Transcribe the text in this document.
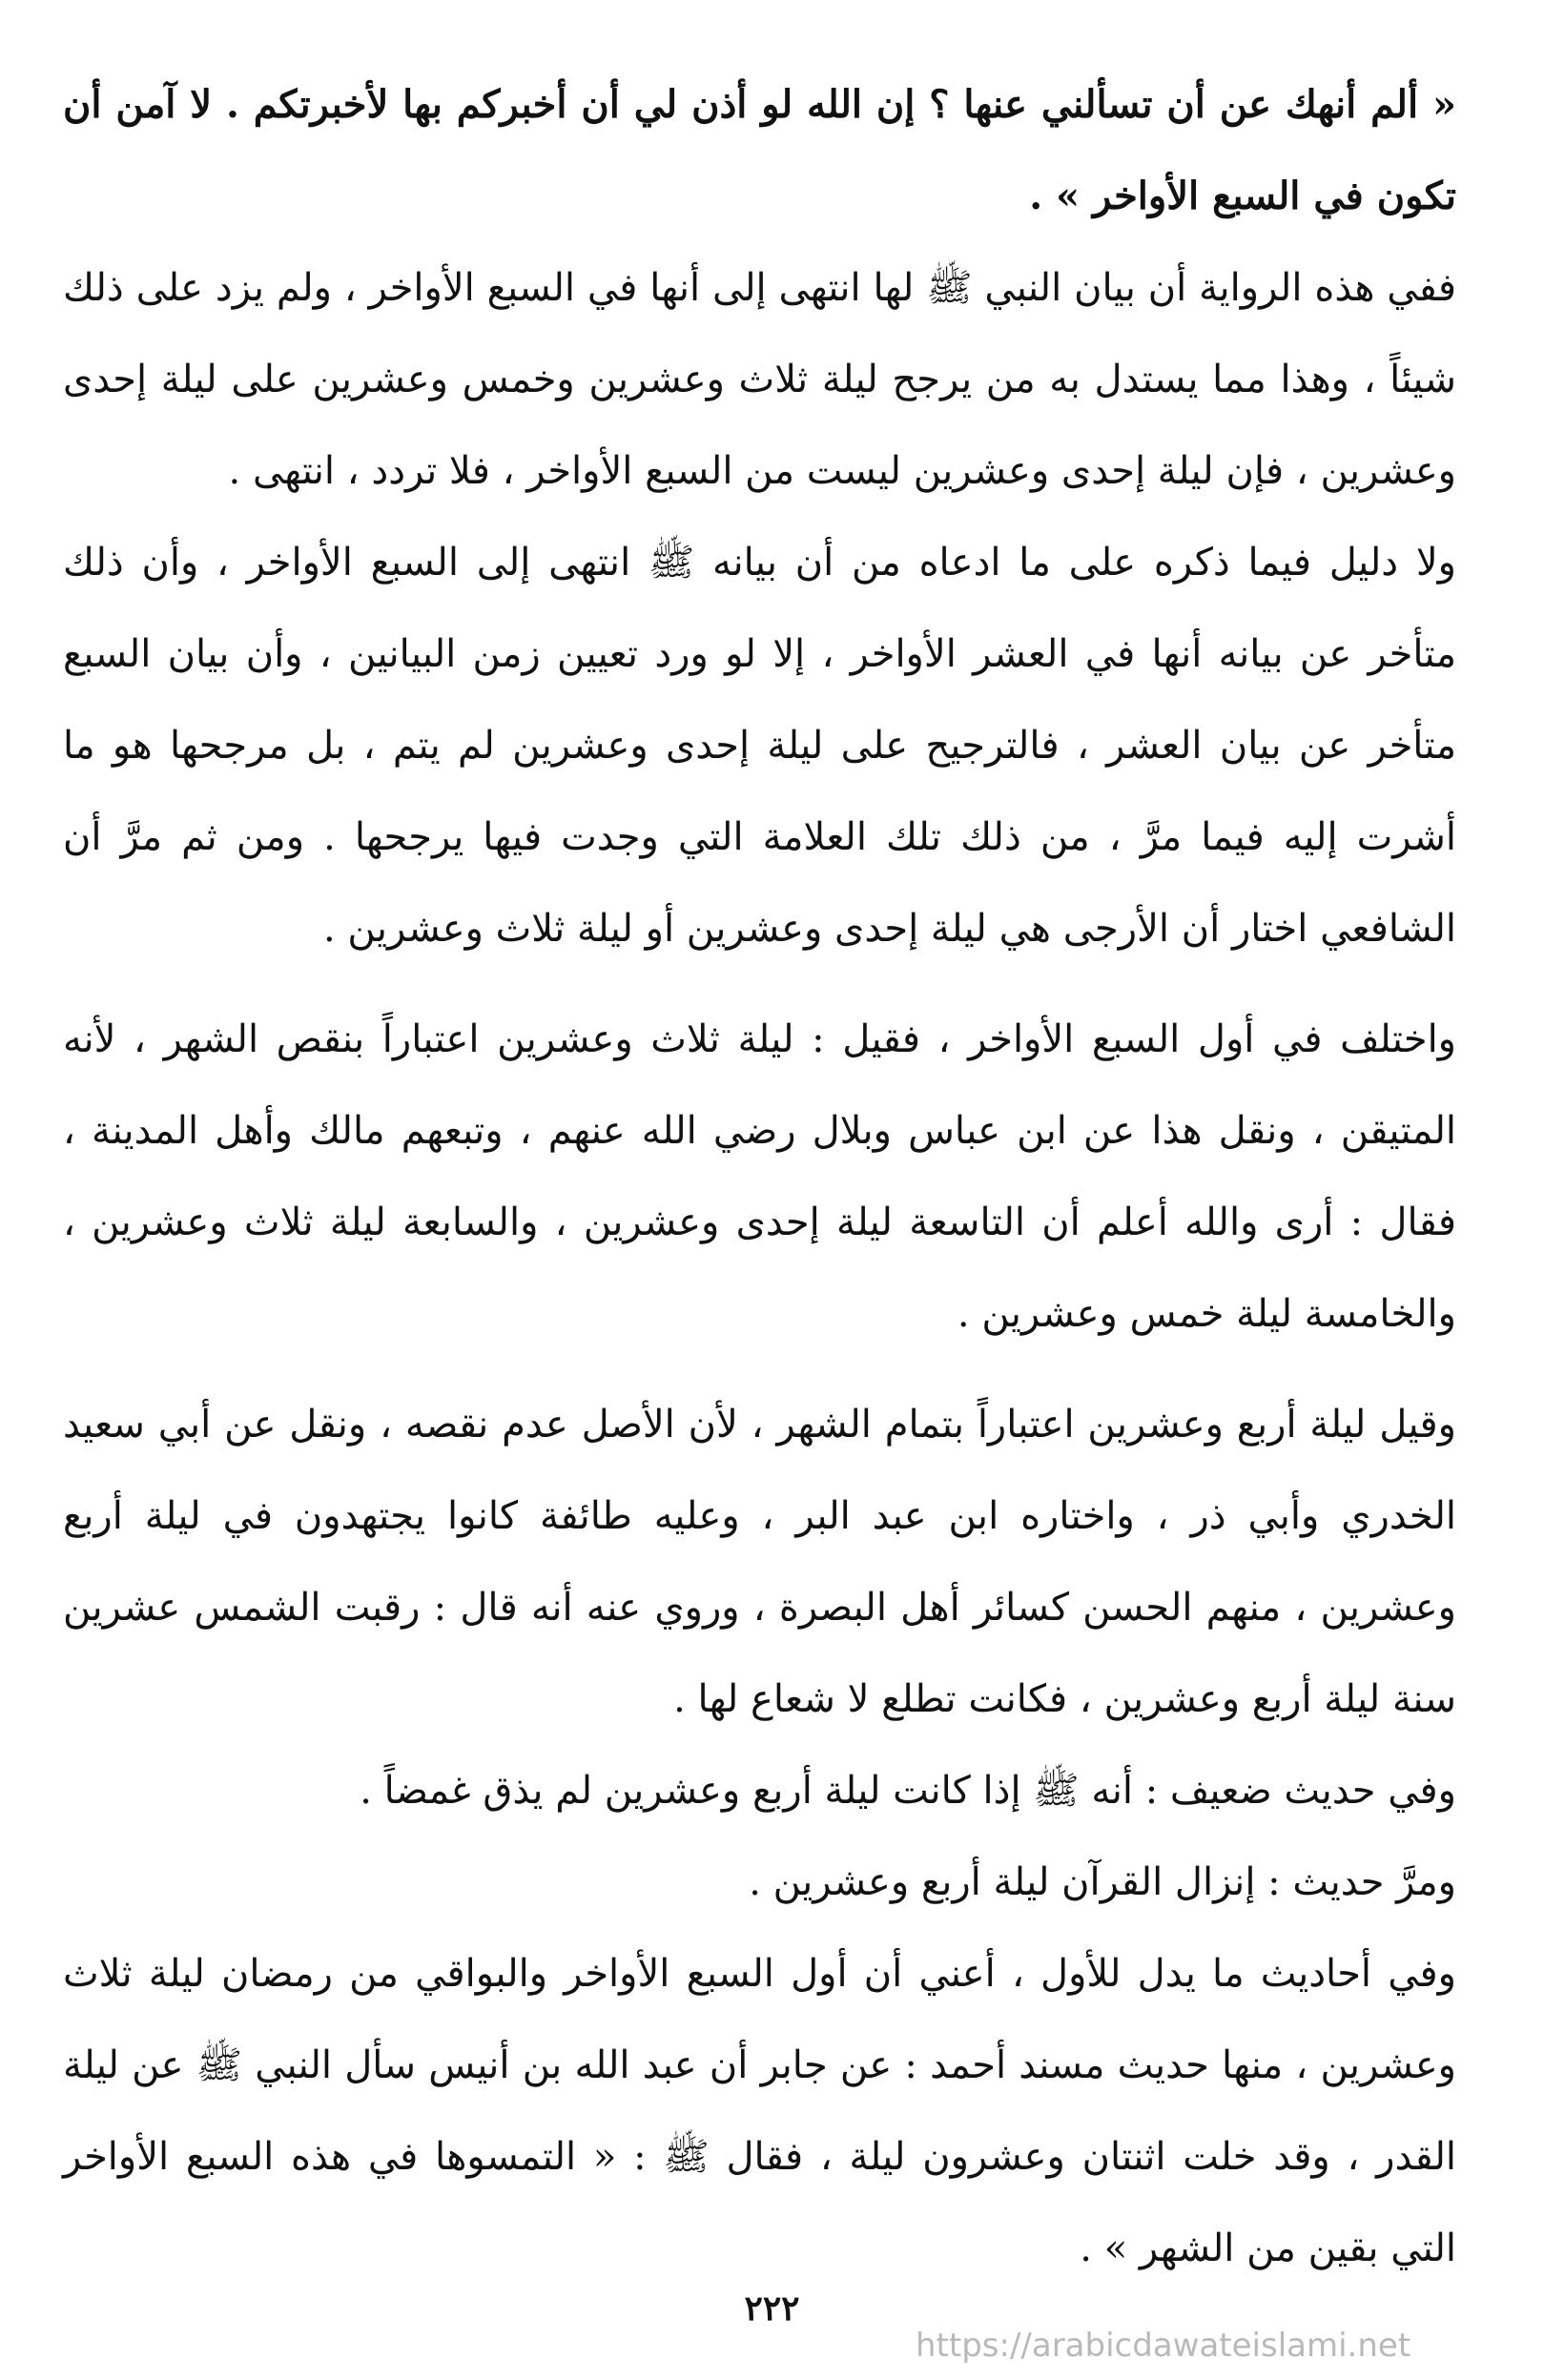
« ألم أنهك عن أن تسألني عنها ؟ إن الله لو أذن لي أن أخبركم بها لأخبرتكم . لا آمن أن تكون في السبع الأواخر » .

ففي هذه الرواية أن بيان النبي ﷺ لها انتهى إلى أنها في السبع الأواخر ، ولم يزد على ذلك شيئاً ، وهذا مما يستدل به من يرجح ليلة ثلاث وعشرين وخمس وعشرين على ليلة إحدى وعشرين ، فإن ليلة إحدى وعشرين ليست من السبع الأواخر ، فلا تردد ، انتهى .

ولا دليل فيما ذكره على ما ادعاه من أن بيانه ﷺ انتهى إلى السبع الأواخر ، وأن ذلك متأخر عن بيانه أنها في العشر الأواخر ، إلا لو ورد تعيين زمن البيانين ، وأن بيان السبع متأخر عن بيان العشر ، فالترجيح على ليلة إحدى وعشرين لم يتم ، بل مرجحها هو ما أشرت إليه فيما مرَّ ، من ذلك تلك العلامة التي وجدت فيها يرجحها . ومن ثم مرَّ أن الشافعي اختار أن الأرجى هي ليلة إحدى وعشرين أو ليلة ثلاث وعشرين .

واختلف في أول السبع الأواخر ، فقيل : ليلة ثلاث وعشرين اعتباراً بنقص الشهر ، لأنه المتيقن ، ونقل هذا عن ابن عباس وبلال رضي الله عنهم ، وتبعهم مالك وأهل المدينة ، فقال : أرى والله أعلم أن التاسعة ليلة إحدى وعشرين ، والسابعة ليلة ثلاث وعشرين ، والخامسة ليلة خمس وعشرين .

وقيل ليلة أربع وعشرين اعتباراً بتمام الشهر ، لأن الأصل عدم نقصه ، ونقل عن أبي سعيد الخدري وأبي ذر ، واختاره ابن عبد البر ، وعليه طائفة كانوا يجتهدون في ليلة أربع وعشرين ، منهم الحسن كسائر أهل البصرة ، وروي عنه أنه قال : رقبت الشمس عشرين سنة ليلة أربع وعشرين ، فكانت تطلع لا شعاع لها .

وفي حديث ضعيف : أنه ﷺ إذا كانت ليلة أربع وعشرين لم يذق غمضاً .

ومرَّ حديث : إنزال القرآن ليلة أربع وعشرين .

وفي أحاديث ما يدل للأول ، أعني أن أول السبع الأواخر والبواقي من رمضان ليلة ثلاث وعشرين ، منها حديث مسند أحمد : عن جابر أن عبد الله بن أنيس سأل النبي ﷺ عن ليلة القدر ، وقد خلت اثنتان وعشرون ليلة ، فقال ﷺ : « التمسوها في هذه السبع الأواخر التي بقين من الشهر » .

٢٢٢
https://arabicdawateislami.net
